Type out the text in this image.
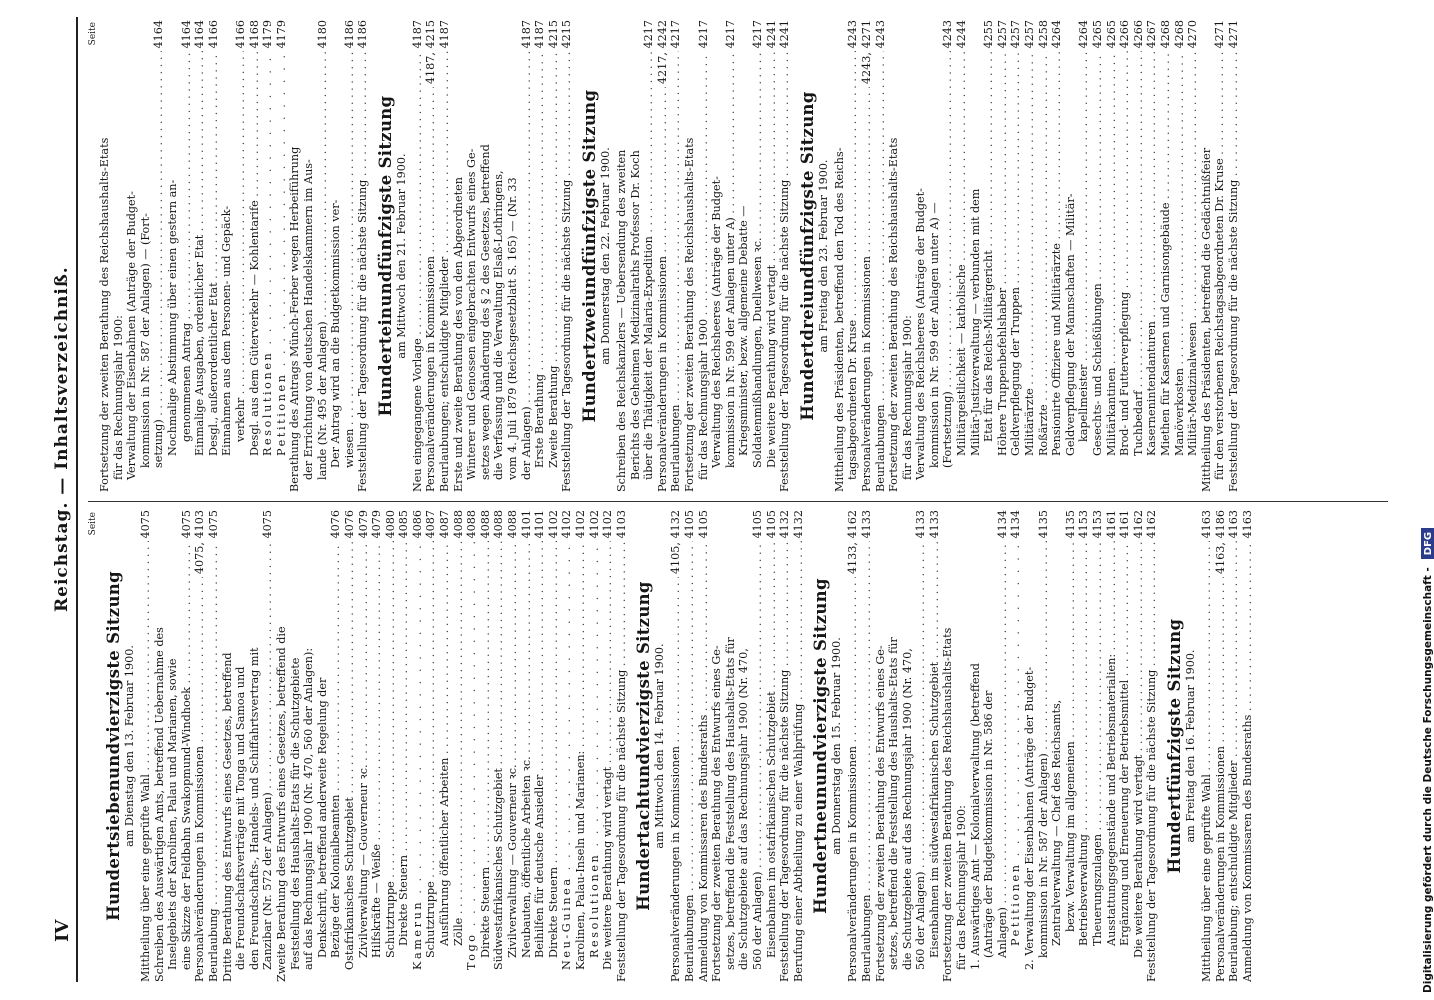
IV
Reichstag. — Inhaltsverzeichniß. Seite
Hundertsiebenundvierzigste Sitzung am Dienstag den 13. Februar 1900.
Mittheilung über eine geprüfte Wahl . . .
4075
Schreiben des Auswärtigen Amts, betreffend Uebernahme des Inselgebiets der Karolinen, Palau und Marianen, sowie eine Skizze der Feldbahn Swakopmund-Windhoek . . .
4075
Personalveränderungen in Kommissionen . . .
4075, 4103
Beurlaubung . . .
4075
Dritte Berathung des Entwurfs eines Gesetzes, betreffend die Freundschaftsverträge mit Tonga und Samoa und den Freundschafts-, Handels- und Schiffahrtsvertrag mit Zanzibar (Nr. 572 der Anlagen) . . .
4075
Zweite Berathung des Entwurfs eines Gesetzes, betreffend die Feststellung des Haushalts-Etats für die Schutzgebiete auf das Rechnungsjahr 1900 (Nr. 470, 560 der Anlagen): Denkschrift, betreffend anderweite Regelung der Bezüge der Kolonialbeamten . . .
4076
Ostafrikanisches Schutzgebiet . . .
4076
Zivilverwaltung — Gouverneur ꝛc. . . .
4079
Hilfskräfte — Weiße . . .
4079
Schutztruppe . . .
4080
Direkte Steuern . . .
4085
Kamerun . . .
4086
Schutztruppe . . .
4087
Ausführung öffentlicher Arbeiten . . .
4087
Zölle . . .
4088
Togo . . .
4088
Direkte Steuern . . .
4088
Südwestafrikanisches Schutzgebiet . . .
4088
Zivilverwaltung — Gouverneur ꝛc. . . .
4088
Neubauten, öffentliche Arbeiten ꝛc. . . .
4101
Beihilfen für deutsche Ansiedler . . .
4101
Direkte Steuern . . .
4102
Neu-Guinea . . .
4102
Karolinen, Palau-Inseln und Marianen: . . .
4102
Resolutionen . . .
4102
Die weitere Berathung wird vertagt . . .
4102
Feststellung der Tagesordnung für die nächste Sitzung . . .
4103
Hundertachtundvierzigste Sitzung am Mittwoch den 14. Februar 1900.
Personalveränderungen in Kommissionen . . .
4105, 4132
Beurlaubungen . . .
4105
Anmeldung von Kommissaren des Bundesraths . . .
4105
Fortsetzung der zweiten Berathung des Entwurfs eines Ge- setzes, betreffend die Feststellung des Haushalts-Etats für die Schutzgebiete auf das Rechnungsjahr 1900 (Nr. 470, 560 der Anlagen) . . .
4105
Eisenbahnen im ostafrikanischen Schutzgebiet . . .
4105
Feststellung der Tagesordnung für die nächste Sitzung . . .
4132
Berufung einer Abtheilung zu einer Wahlprüfung . . .
4132
Hundertneunundvierzigste Sitzung am Donnerstag den 15. Februar 1900.
Personalveränderungen in Kommissionen . . .
4133, 4162
Beurlaubungen . . .
4133
Fortsetzung der zweiten Berathung des Entwurfs eines Ge- setzes, betreffend die Feststellung des Haushalts-Etats für die Schutzgebiete auf das Rechnungsjahr 1900 (Nr. 470, 560 der Anlagen) . . .
4133
Eisenbahnen im südwestafrikanischen Schutzgebiet . . .
4133
Fortsetzung der zweiten Berathung des Reichshaushalts-Etats für das Rechnungsjahr 1900: 1. Auswärtiges Amt — Kolonialverwaltung (betreffend (Anträge der Budgetkommission in Nr. 586 der Anlagen) . . .
4134
Petitionen . . .
4134
2. Verwaltung der Eisenbahnen (Anträge der Budget- kommission in Nr. 587 der Anlagen) . . .
4135
Zentralverwaltung — Chef des Reichsamts, bezw. Verwaltung im allgemeinen . . .
4135
Betriebsverwaltung . . .
4153
Theuerungszulagen . . .
4153
Ausstattungsgegenstände und Betriebsmaterialien: . . .
4161
Ergänzung und Erneuerung der Betriebsmittel . . .
4161
Die weitere Berathung wird vertagt . . .
4162
Feststellung der Tagesordnung für die nächste Sitzung . . .
4162
Hundertfünfzigste Sitzung am Freitag den 16. Februar 1900.
Mittheilung über eine geprüfte Wahl . . .
4163
Personalveränderungen in Kommissionen . . .
4163, 4186
Beurlaubung; entschuldigte Mitglieder . . .
4163
Anmeldung von Kommissaren des Bundesraths . . .
4163
Seite
Fortsetzung der zweiten Berathung des Reichshaushalts-Etats für das Rechnungsjahr 1900: Verwaltung der Eisenbahnen (Anträge der Budget- kommission in Nr. 587 der Anlagen) — (Fort- setzung) . . .
4164
Nochmalige Abstimmung über einen gestern an- genommenen Antrag . . .
4164
Einmalige Ausgaben, ordentlicher Etat . . .
4164
Desgl., außerordentlicher Etat . . .
4166
Einnahmen aus dem Personen- und Gepäck- verkehr . . .
4166
Desgl. aus dem Güterverkehr — Kohlentarife . . .
4168
Resolutionen . . .
4179
Petitionen . . .
4179
Berathung des Antrags Münch-Ferber wegen Herbeiführung der Errichtung von deutschen Handelskammern im Aus- lande (Nr. 495 der Anlagen) . . .
4180
Der Antrag wird an die Budgetkommission ver- wiesen . . .
4186
Feststellung der Tagesordnung für die nächste Sitzung . . .
4186
Hunderteinundfünfzigste Sitzung am Mittwoch den 21. Februar 1900.
Neu eingegangene Vorlage . . .
4187
Personalveränderungen in Kommissionen . . .
4187, 4215
Beurlaubungen; entschuldigte Mitglieder . . .
4187
Erste und zweite Berathung des von den Abgeordneten Winterer und Genossen eingebrachten Entwurfs eines Ge- setzes wegen Abänderung des § 2 des Gesetzes, betreffend die Verfassung und die Verwaltung Elsaß-Lothringens, vom 4. Juli 1879 (Reichsgesetzblatt S. 165) — (Nr. 33 der Anlagen) . . .
4187
Erste Berathung . . .
4187
Zweite Berathung . . .
4215
Feststellung der Tagesordnung für die nächste Sitzung . . .
4215
Hundertzweiundfünfzigste Sitzung am Donnerstag den 22. Februar 1900. Schreiben des Reichskanzlers — Uebersendung des zweiten Berichts des Geheimen Medizinalraths Professor Dr. Koch über die Thätigkeit der Malaria-Expedition . . .
4217
Personalveränderungen in Kommissionen . . .
4217, 4242
Beurlaubungen . . .
4217
Fortsetzung der zweiten Berathung des Reichshaushalts-Etats für das Rechnungsjahr 1900 . . .
4217
Verwaltung des Reichsheeres (Anträge der Budget- kommission in Nr. 599 der Anlagen unter A) . . .
4217
Kriegsminister, bezw. allgemeine Debatte — Soldatenmißhandlungen, Duellwesen ꝛc. . . .
4217
Die weitere Berathung wird vertagt . . .
4241
Feststellung der Tagesordnung für die nächste Sitzung . . .
4241
Hundertdreiundfünfzigste Sitzung am Freitag den 23. Februar 1900. Mittheilung des Präsidenten, betreffend den Tod des Reichs- tagsabgeordneten Dr. Kruse . . .
4243
Personalveränderungen in Kommissionen . . .
4243, 4271
Beurlaubungen . . .
4243
Fortsetzung der zweiten Berathung des Reichshaushalts-Etats für das Rechnungsjahr 1900: Verwaltung des Reichsheeres (Anträge der Budget- kommission in Nr. 599 der Anlagen unter A) — (Fortsetzung) . . .
4243
Militärgeistlichkeit — katholische . . .
4244
Militär-Justizverwaltung — verbunden mit dem Etat für das Reichs-Militärgericht . . .
4255
Höhere Truppenbefehlshaber . . .
4257
Geldverpflegung der Truppen . . .
4257
Militärärzte . . .
4257
Roßärzte . . .
4258
Pensionirte Offiziere und Militärärzte . . .
4264
Geldverpflegung der Mannschaften — Militär- kapellmeister . . .
4264
Gesechts- und Schießübungen . . .
4265
Militärkantinen . . .
4265
Brod- und Futterverpflegung . . .
4266
Tuchbedarf . . .
4266
Kasernenintendanturen . . .
4267
Miethen für Kasernen und Garnisongebäude . . .
4268
Manöverkosten . . .
4268
Militär-Medizinalwesen . . .
4270
Mittheilung des Präsidenten, betreffend die Gedächtnißfeier für den verstorbenen Reichstagsabgeordneten Dr. Kruse . . .
4271
Feststellung der Tagesordnung für die nächste Sitzung . . .
4271
Digitalisierung gefördert durch die Deutsche Forschungsgemeinschaft -DFG
